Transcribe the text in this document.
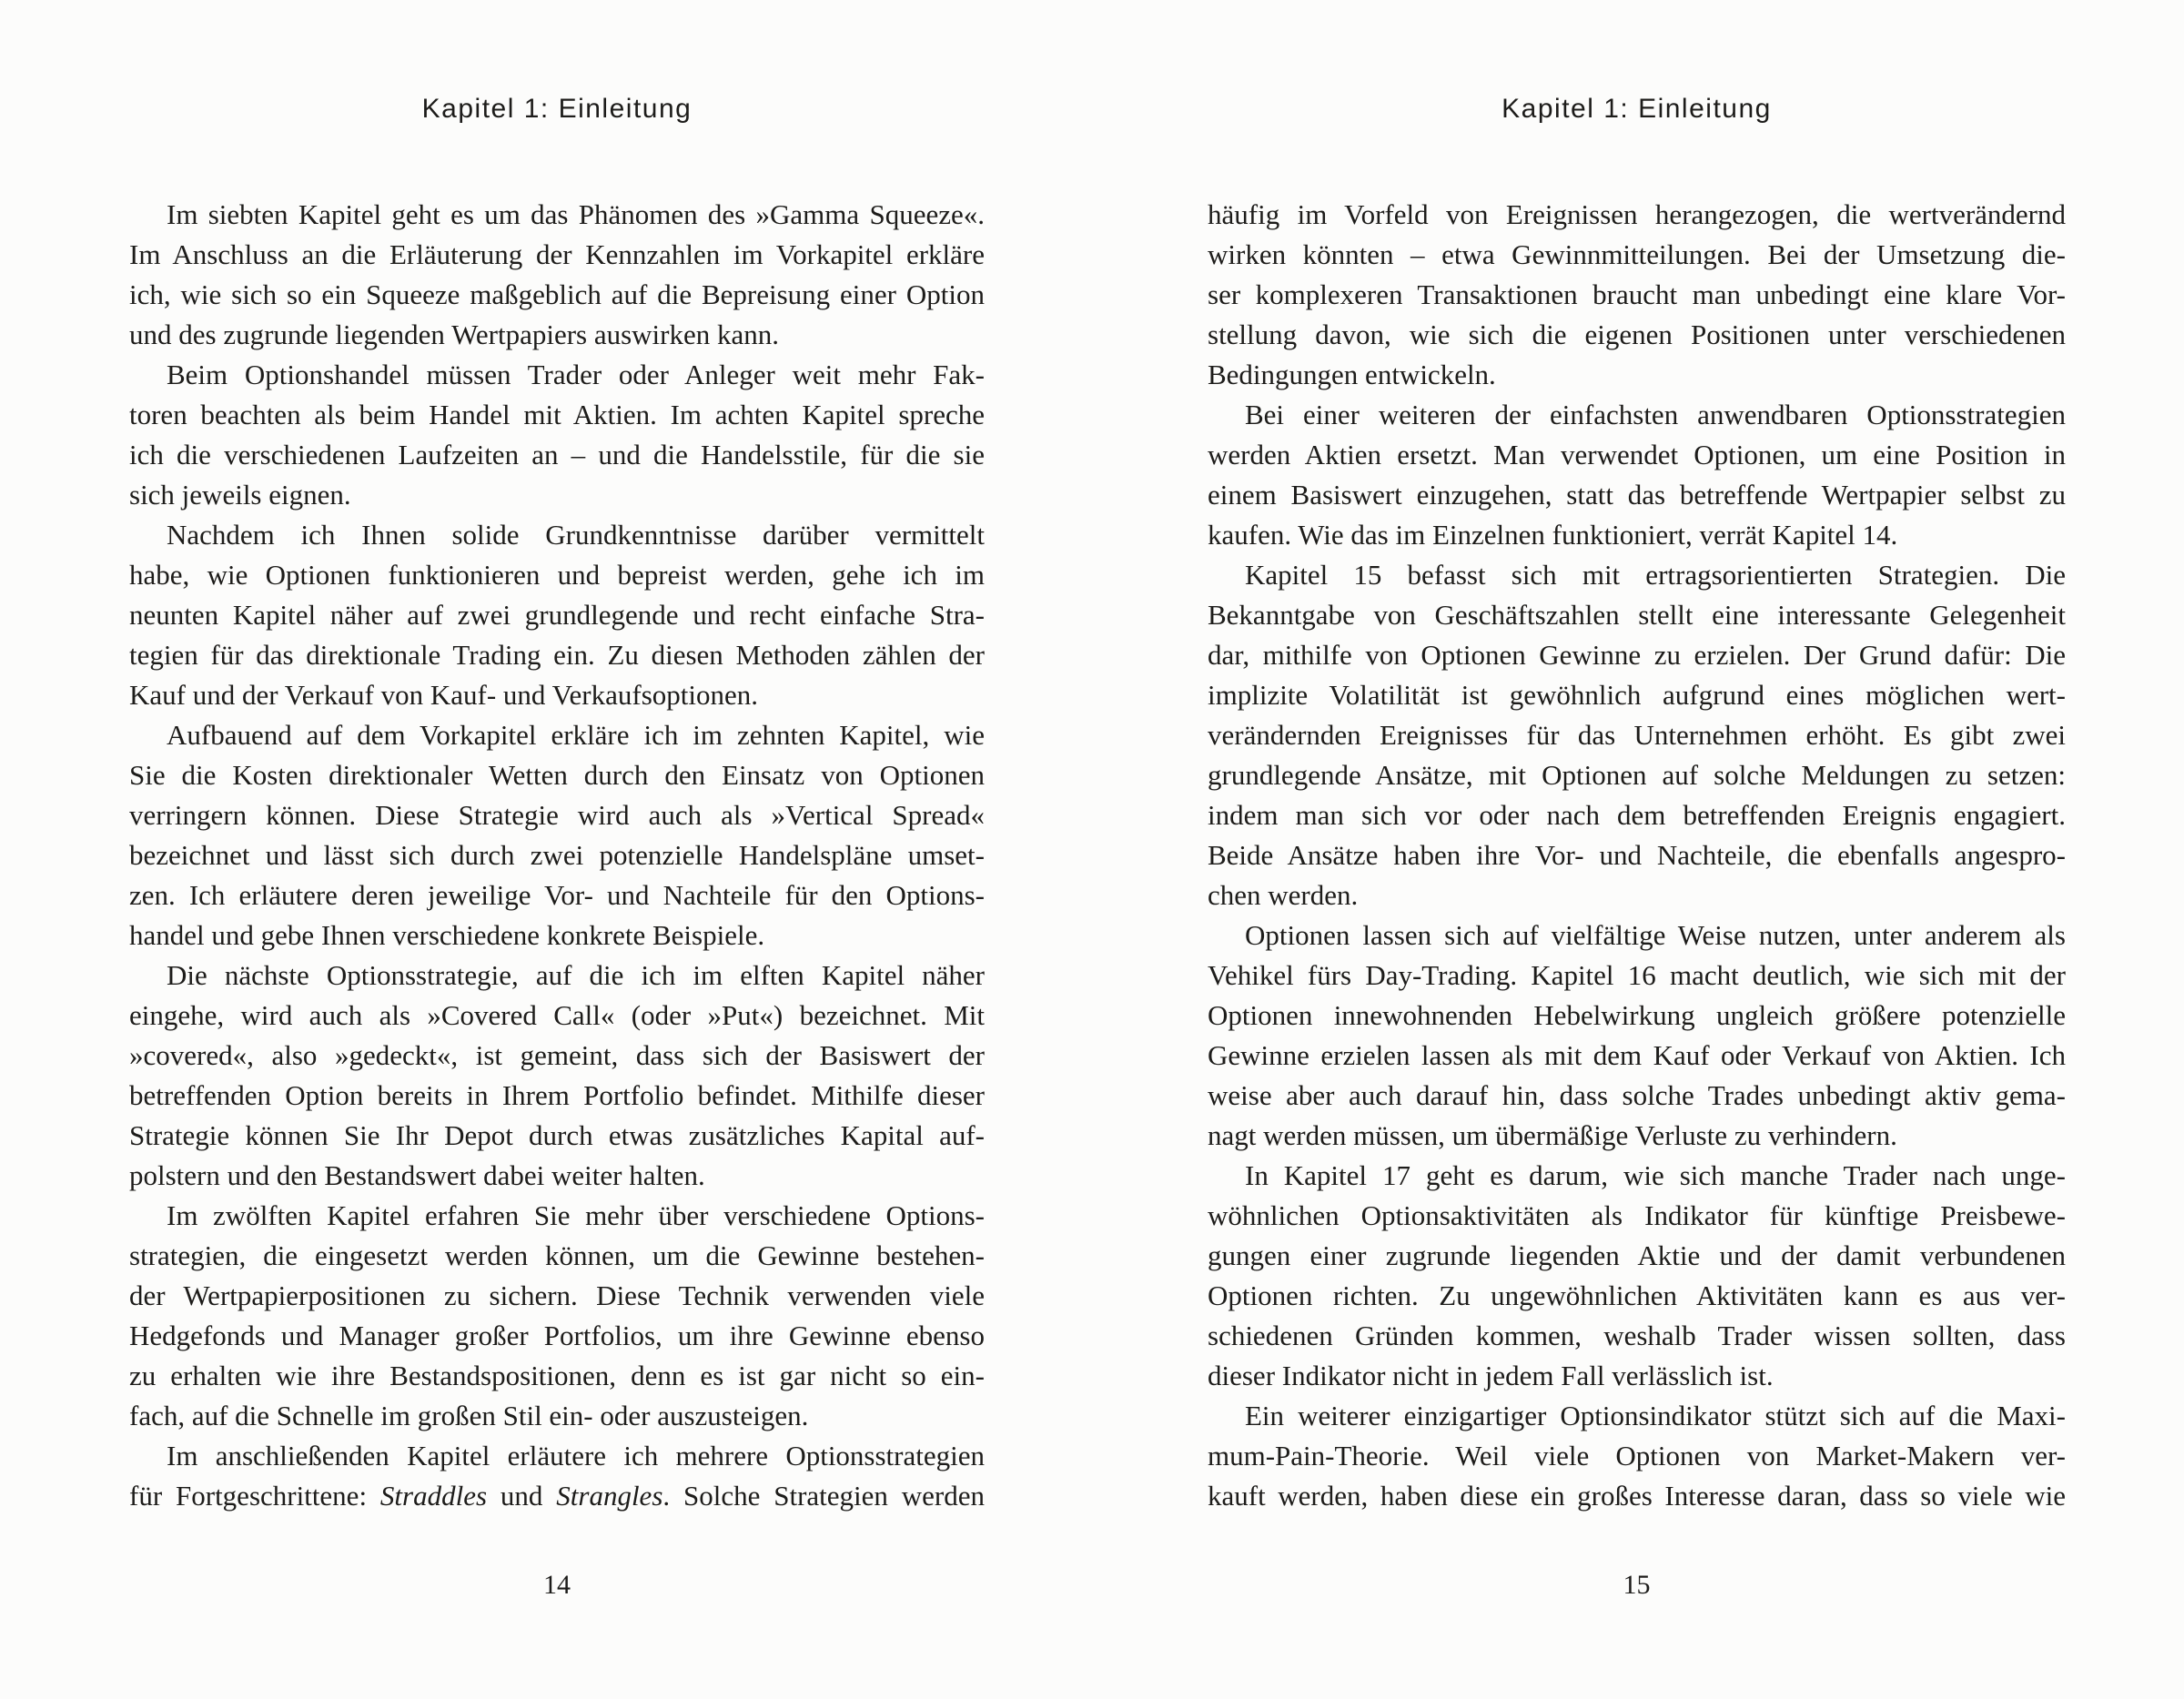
Kapitel 1: Einleitung
Im siebten Kapitel geht es um das Phänomen des »Gamma Squeeze«.
Im Anschluss an die Erläuterung der Kennzahlen im Vorkapitel erkläre
ich, wie sich so ein Squeeze maßgeblich auf die Bepreisung einer Option
und des zugrunde liegenden Wertpapiers auswirken kann.
Beim Optionshandel müssen Trader oder Anleger weit mehr Fak-
toren beachten als beim Handel mit Aktien. Im achten Kapitel spreche
ich die verschiedenen Laufzeiten an – und die Handelsstile, für die sie
sich jeweils eignen.
Nachdem ich Ihnen solide Grundkenntnisse darüber vermittelt
habe, wie Optionen funktionieren und bepreist werden, gehe ich im
neunten Kapitel näher auf zwei grundlegende und recht einfache Stra-
tegien für das direktionale Trading ein. Zu diesen Methoden zählen der
Kauf und der Verkauf von Kauf- und Verkaufsoptionen.
Aufbauend auf dem Vorkapitel erkläre ich im zehnten Kapitel, wie
Sie die Kosten direktionaler Wetten durch den Einsatz von Optionen
verringern können. Diese Strategie wird auch als »Vertical Spread«
bezeichnet und lässt sich durch zwei potenzielle Handelspläne umset-
zen. Ich erläutere deren jeweilige Vor- und Nachteile für den Options-
handel und gebe Ihnen verschiedene konkrete Beispiele.
Die nächste Optionsstrategie, auf die ich im elften Kapitel näher
eingehe, wird auch als »Covered Call« (oder »Put«) bezeichnet. Mit
»covered«, also »gedeckt«, ist gemeint, dass sich der Basiswert der
betreffenden Option bereits in Ihrem Portfolio befindet. Mithilfe dieser
Strategie können Sie Ihr Depot durch etwas zusätzliches Kapital auf-
polstern und den Bestandswert dabei weiter halten.
Im zwölften Kapitel erfahren Sie mehr über verschiedene Options-
strategien, die eingesetzt werden können, um die Gewinne bestehen-
der Wertpapierpositionen zu sichern. Diese Technik verwenden viele
Hedgefonds und Manager großer Portfolios, um ihre Gewinne ebenso
zu erhalten wie ihre Bestandspositionen, denn es ist gar nicht so ein-
fach, auf die Schnelle im großen Stil ein- oder auszusteigen.
Im anschließenden Kapitel erläutere ich mehrere Optionsstrategien
für Fortgeschrittene: Straddles und Strangles. Solche Strategien werden
14
Kapitel 1: Einleitung
häufig im Vorfeld von Ereignissen herangezogen, die wertverändernd
wirken könnten – etwa Gewinnmitteilungen. Bei der Umsetzung die-
ser komplexeren Transaktionen braucht man unbedingt eine klare Vor-
stellung davon, wie sich die eigenen Positionen unter verschiedenen
Bedingungen entwickeln.
Bei einer weiteren der einfachsten anwendbaren Optionsstrategien
werden Aktien ersetzt. Man verwendet Optionen, um eine Position in
einem Basiswert einzugehen, statt das betreffende Wertpapier selbst zu
kaufen. Wie das im Einzelnen funktioniert, verrät Kapitel 14.
Kapitel 15 befasst sich mit ertragsorientierten Strategien. Die
Bekanntgabe von Geschäftszahlen stellt eine interessante Gelegenheit
dar, mithilfe von Optionen Gewinne zu erzielen. Der Grund dafür: Die
implizite Volatilität ist gewöhnlich aufgrund eines möglichen wert-
verändernden Ereignisses für das Unternehmen erhöht. Es gibt zwei
grundlegende Ansätze, mit Optionen auf solche Meldungen zu setzen:
indem man sich vor oder nach dem betreffenden Ereignis engagiert.
Beide Ansätze haben ihre Vor- und Nachteile, die ebenfalls angespro-
chen werden.
Optionen lassen sich auf vielfältige Weise nutzen, unter anderem als
Vehikel fürs Day-Trading. Kapitel 16 macht deutlich, wie sich mit der
Optionen innewohnenden Hebelwirkung ungleich größere potenzielle
Gewinne erzielen lassen als mit dem Kauf oder Verkauf von Aktien. Ich
weise aber auch darauf hin, dass solche Trades unbedingt aktiv gema-
nagt werden müssen, um übermäßige Verluste zu verhindern.
In Kapitel 17 geht es darum, wie sich manche Trader nach unge-
wöhnlichen Optionsaktivitäten als Indikator für künftige Preisbewe-
gungen einer zugrunde liegenden Aktie und der damit verbundenen
Optionen richten. Zu ungewöhnlichen Aktivitäten kann es aus ver-
schiedenen Gründen kommen, weshalb Trader wissen sollten, dass
dieser Indikator nicht in jedem Fall verlässlich ist.
Ein weiterer einzigartiger Optionsindikator stützt sich auf die Maxi-
mum-Pain-Theorie. Weil viele Optionen von Market-Makern ver-
kauft werden, haben diese ein großes Interesse daran, dass so viele wie
15
